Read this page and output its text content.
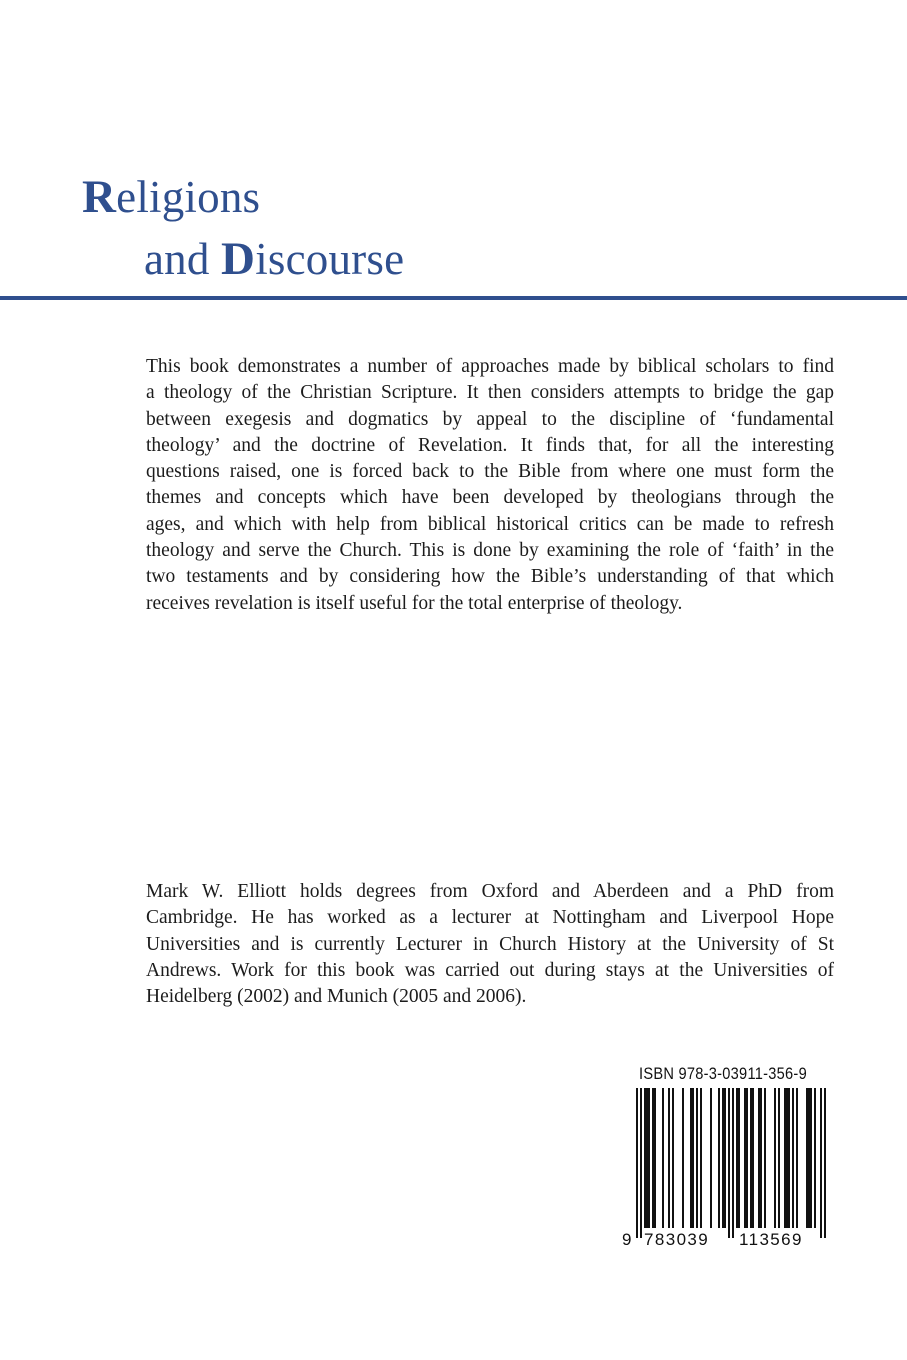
Religions
and Discourse

This book demonstrates a number of approaches made by biblical scholars to find
a theology of the Christian Scripture. It then considers attempts to bridge the gap
between exegesis and dogmatics by appeal to the discipline of ‘fundamental
theology’ and the doctrine of Revelation. It finds that, for all the interesting
questions raised, one is forced back to the Bible from where one must form the
themes and concepts which have been developed by theologians through the
ages, and which with help from biblical historical critics can be made to refresh
theology and serve the Church. This is done by examining the role of ‘faith’ in the
two testaments and by considering how the Bible’s understanding of that which
receives revelation is itself useful for the total enterprise of theology.

Mark W. Elliott holds degrees from Oxford and Aberdeen and a PhD from
Cambridge. He has worked as a lecturer at Nottingham and Liverpool Hope
Universities and is currently Lecturer in Church History at the University of St
Andrews. Work for this book was carried out during stays at the Universities of
Heidelberg (2002) and Munich (2005 and 2006).

ISBN 978-3-03911-356-9
9 783039 113569
